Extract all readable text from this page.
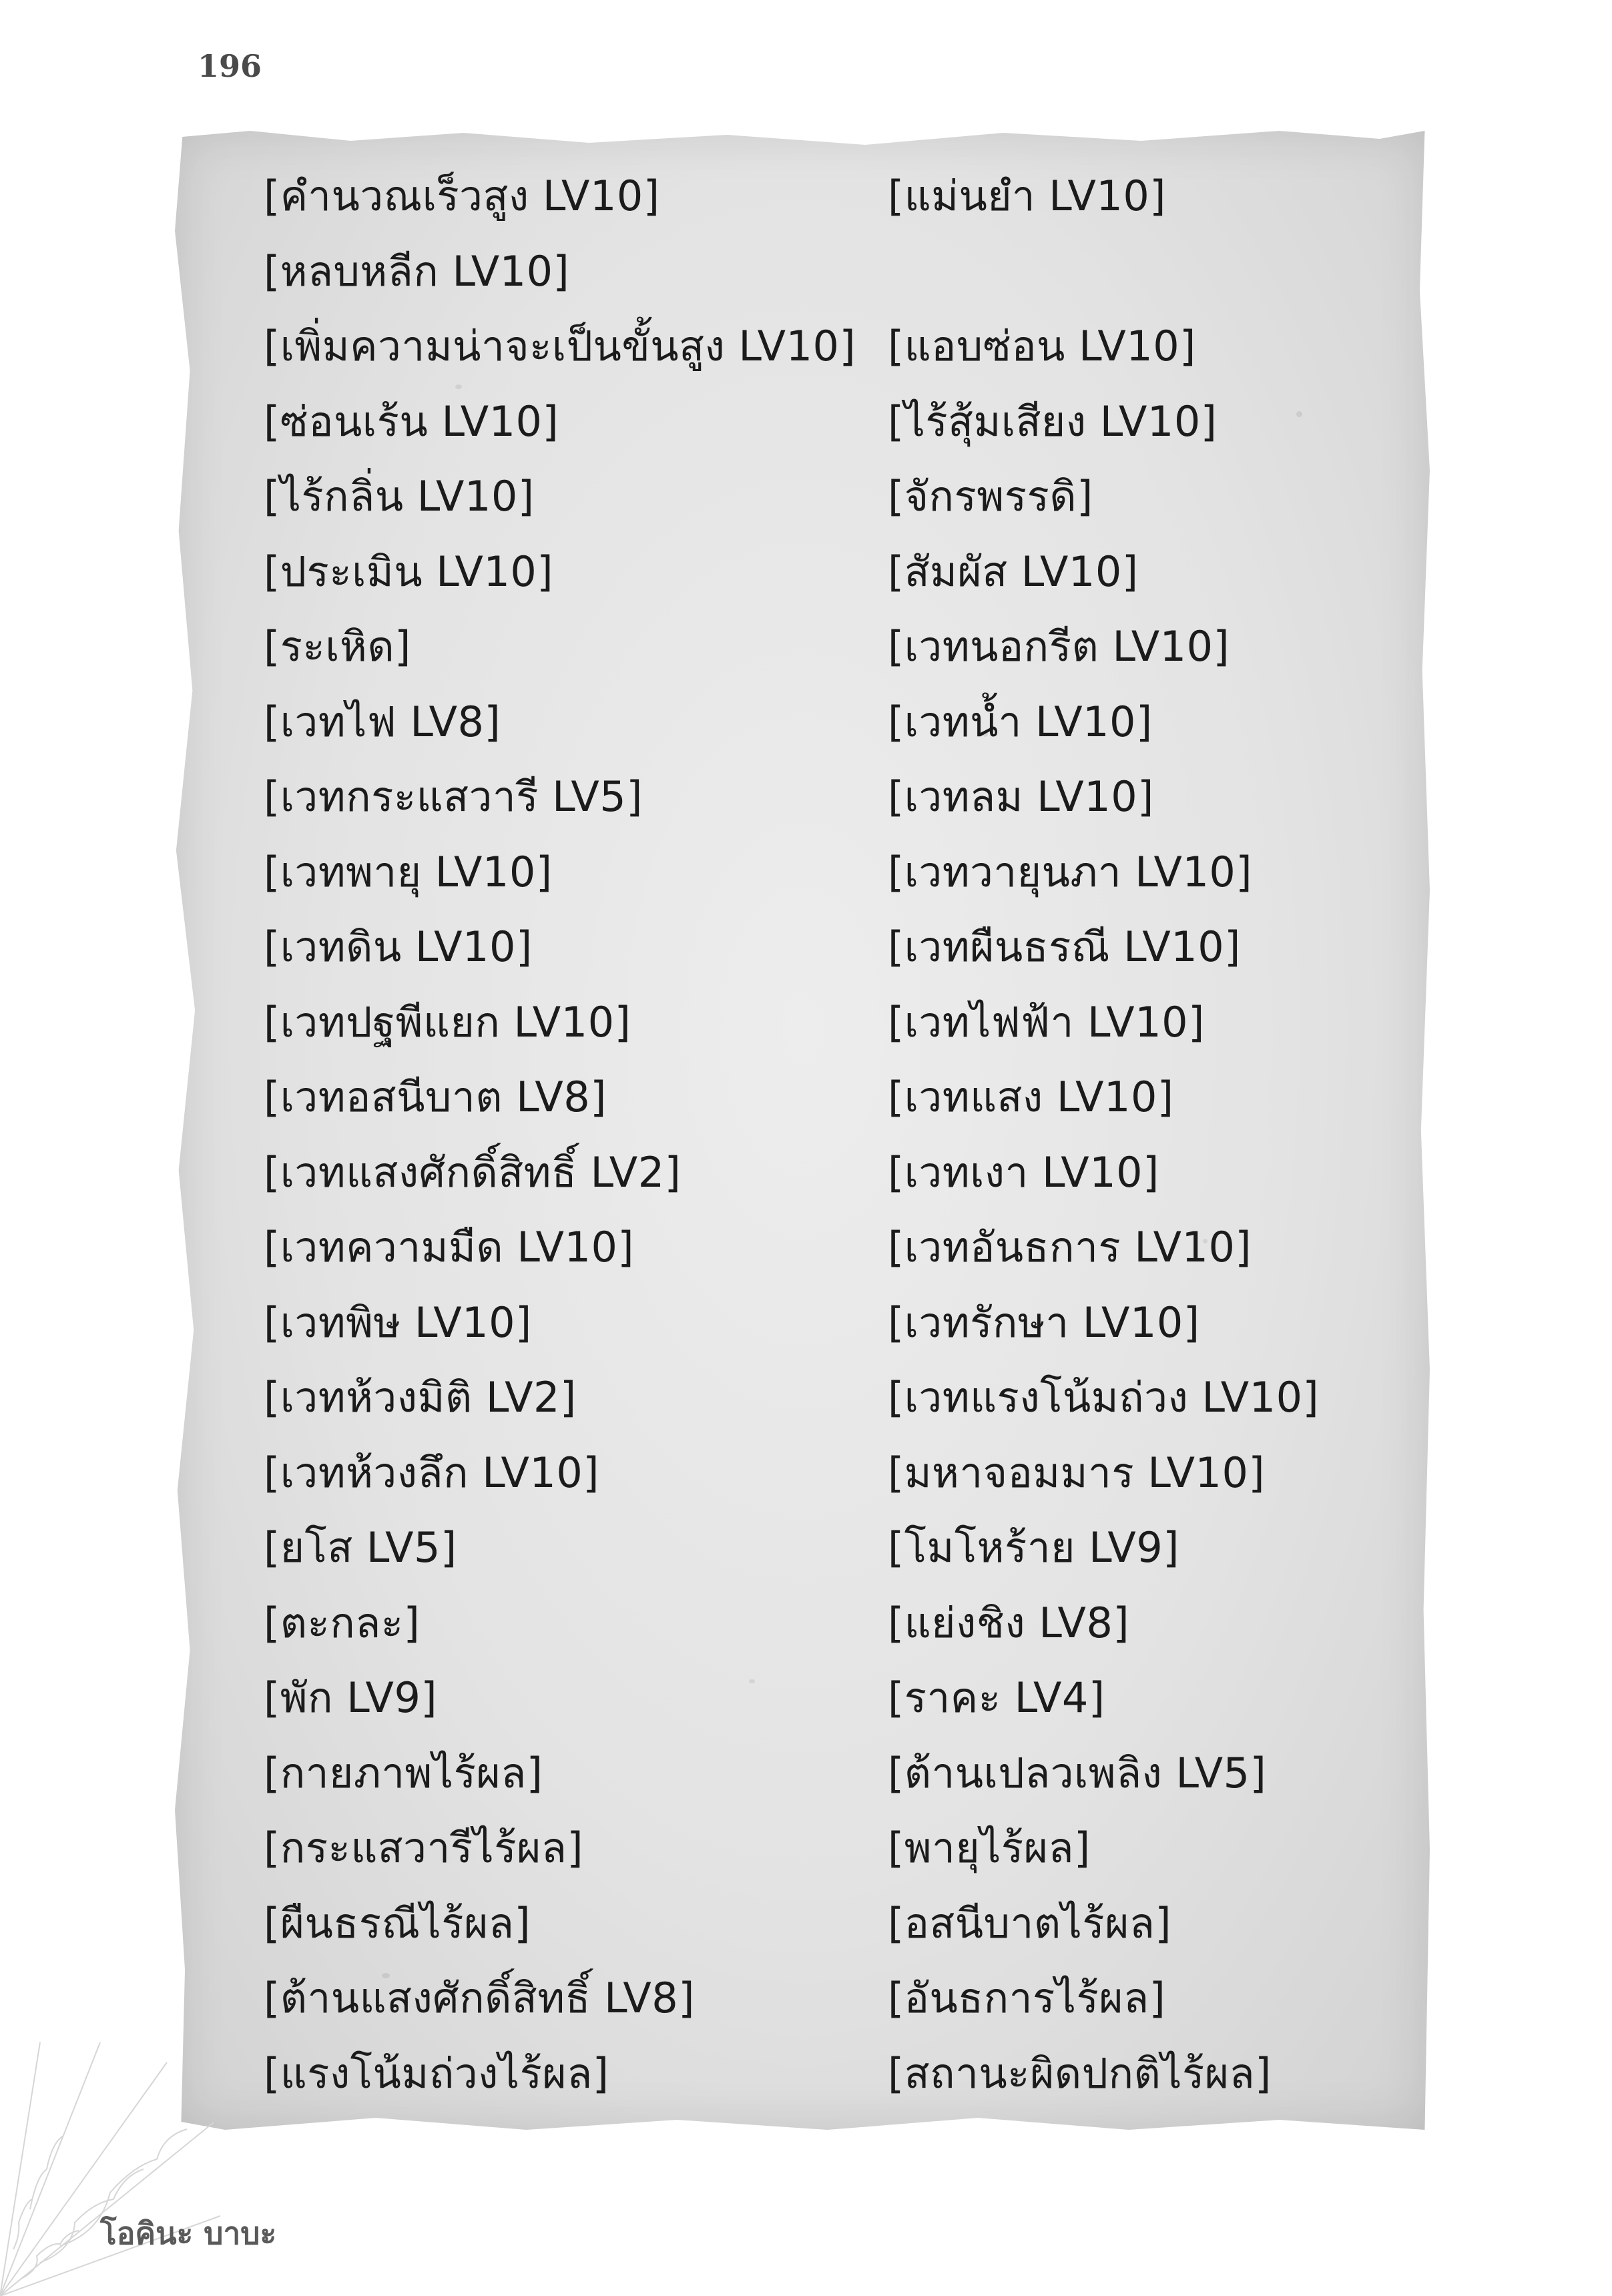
196
[คำนวณเร็วสูง LV10]
[หลบหลีก LV10]
[เพิ่มความน่าจะเป็นขั้นสูง LV10]
[ซ่อนเร้น LV10]
[ไร้กลิ่น LV10]
[ประเมิน LV10]
[ระเหิด]
[เวทไฟ LV8]
[เวทกระแสวารี LV5]
[เวทพายุ LV10]
[เวทดิน LV10]
[เวทปฐพีแยก LV10]
[เวทอสนีบาต LV8]
[เวทแสงศักดิ์สิทธิ์ LV2]
[เวทความมืด LV10]
[เวทพิษ LV10]
[เวทห้วงมิติ LV2]
[เวทห้วงลึก LV10]
[ยโส LV5]
[ตะกละ]
[พัก LV9]
[กายภาพไร้ผล]
[กระแสวารีไร้ผล]
[ผืนธรณีไร้ผล]
[ต้านแสงศักดิ์สิทธิ์ LV8]
[แรงโน้มถ่วงไร้ผล]
[แม่นยำ LV10]
[แอบซ่อน LV10]
[ไร้สุ้มเสียง LV10]
[จักรพรรดิ]
[สัมผัส LV10]
[เวทนอกรีต LV10]
[เวทน้ำ LV10]
[เวทลม LV10]
[เวทวายุนภา LV10]
[เวทผืนธรณี LV10]
[เวทไฟฟ้า LV10]
[เวทแสง LV10]
[เวทเงา LV10]
[เวทอันธการ LV10]
[เวทรักษา LV10]
[เวทแรงโน้มถ่วง LV10]
[มหาจอมมาร LV10]
[โมโหร้าย LV9]
[แย่งชิง LV8]
[ราคะ LV4]
[ต้านเปลวเพลิง LV5]
[พายุไร้ผล]
[อสนีบาตไร้ผล]
[อันธการไร้ผล]
[สถานะผิดปกติไร้ผล]
โอคินะ บาบะ
